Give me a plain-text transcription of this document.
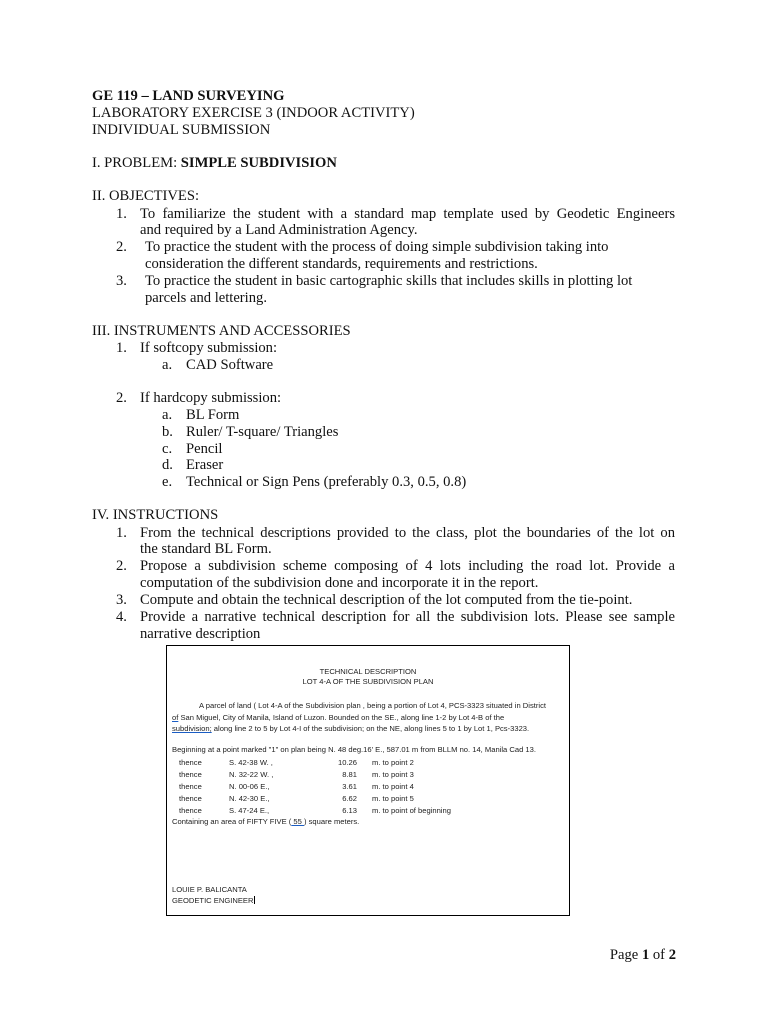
GE 119 – LAND SURVEYING
LABORATORY EXERCISE 3 (INDOOR ACTIVITY)
INDIVIDUAL SUBMISSION
I. PROBLEM: SIMPLE SUBDIVISION
II. OBJECTIVES:
1. To familiarize the student with a standard map template used by Geodetic Engineers
and required by a Land Administration Agency.
2. To practice the student with the process of doing simple subdivision taking into
consideration the different standards, requirements and restrictions.
3. To practice the student in basic cartographic skills that includes skills in plotting lot
parcels and lettering.
III. INSTRUMENTS AND ACCESSORIES
1. If softcopy submission:
a. CAD Software
2. If hardcopy submission:
a. BL Form
b. Ruler/ T-square/ Triangles
c. Pencil
d. Eraser
e. Technical or Sign Pens (preferably 0.3, 0.5, 0.8)
IV. INSTRUCTIONS
1. From the technical descriptions provided to the class, plot the boundaries of the lot on
the standard BL Form.
2. Propose a subdivision scheme composing of 4 lots including the road lot. Provide a
computation of the subdivision done and incorporate it in the report.
3. Compute and obtain the technical description of the lot computed from the tie-point.
4. Provide a narrative technical description for all the subdivision lots. Please see sample
narrative description
TECHNICAL DESCRIPTION
LOT 4-A OF THE SUBDIVISION PLAN
A parcel of land ( Lot 4-A of the Subdivision plan , being a portion of Lot 4, PCS-3323 situated in District
of San Miguel, City of Manila, Island of Luzon. Bounded on the SE., along line 1-2 by Lot 4-B of the
subdivision; along line 2 to 5 by Lot 4-I of the subdivision; on the NE, along lines 5 to 1 by Lot 1, Pcs-3323.
Beginning at a point marked "1" on plan being N. 48 deg.16' E., 587.01 m from BLLM no. 14, Manila Cad 13.
thence	S. 42-38 W. ,	10.26 m. to point 2
thence	N. 32-22 W. ,	8.81 m. to point 3
thence	N. 00-06 E.,	3.61 m. to point 4
thence	N. 42-30 E.,	6.62 m. to point 5
thence	S. 47-24 E.,	6.13 m. to point of beginning
Containing an area of FIFTY FIVE ( 55 ) square meters.
LOUIE P. BALICANTA
GEODETIC ENGINEER
Page 1 of 2
